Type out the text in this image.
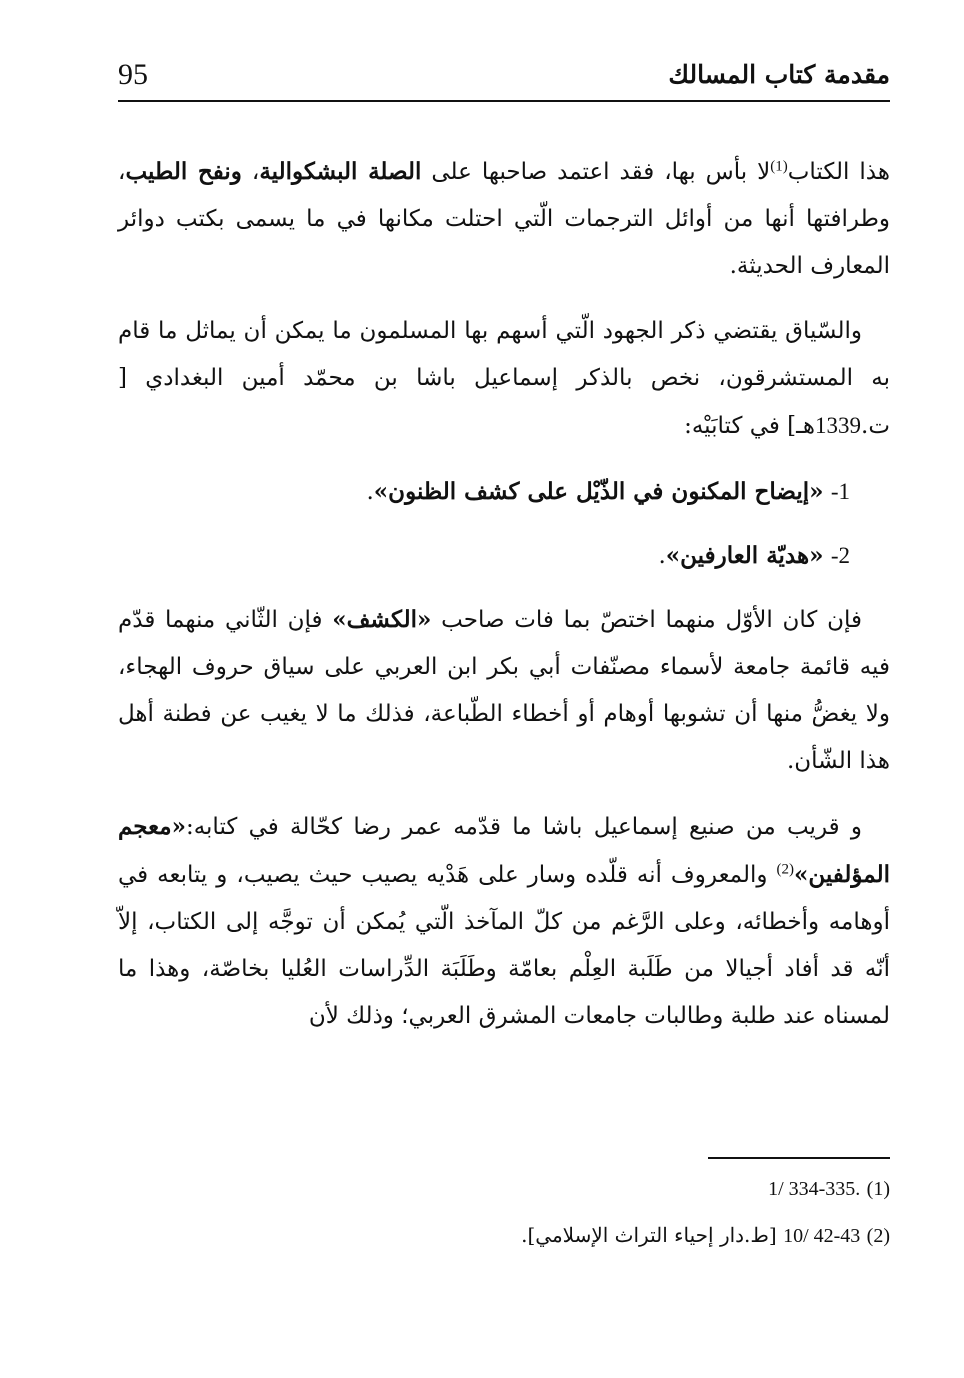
95	مقدمة كتاب المسالك

هذا الكتاب$^{(1)}$لا بأس بها، فقد اعتمد صاحبها على الصلة البشكوالية، ونفح الطيب، وطرافتها أنها من أوائل الترجمات الّتي احتلت مكانها في ما يسمى بكتب دوائر المعارف الحديثة.

والسّياق يقتضي ذكر الجهود الّتي أسهم بها المسلمون ما يمكن أن يماثل ما قام به المستشرقون، نخص بالذكر إسماعيل باشا بن محمّد أمين البغدادي [ ت.1339هـ] في كتابَيْه:

1- «إيضاح المكنون في الذّيْل على كشف الظنون».

2- «هديّة العارفين».

فإن كان الأوّل منهما اختصّ بما فات صاحب «الكشف» فإن الثّاني منهما قدّم فيه قائمة جامعة لأسماء مصنّفات أبي بكر ابن العربي على سياق حروف الهجاء، ولا يغضُّ منها أن تشوبها أوهام أو أخطاء الطّباعة، فذلك ما لا يغيب عن فطنة أهل هذا الشّأن.

و قريب من صنيع إسماعيل باشا ما قدّمه عمر رضا كحّالة في كتابه:«معجم المؤلفين»$^{(2)}$ والمعروف أنه قلّده وسار على هَدْيه يصيب حيث يصيب، و يتابعه في أوهامه وأخطائه، وعلى الرَّغم من كلّ المآخذ الّتي يُمكن أن توجَّه إلى الكتاب، إلاّ أنّه قد أفاد أجيالا من طَلَبة العِلْم بعامّة وطَلَبَة الدِّراسات العُليا بخاصّة، وهذا ما لمسناه عند طلبة وطالبات جامعات المشرق العربي؛ وذلك لأن

(1) 1/ 334-335.

(2) 10/ 42-43 [ط.دار إحياء التراث الإسلامي].
